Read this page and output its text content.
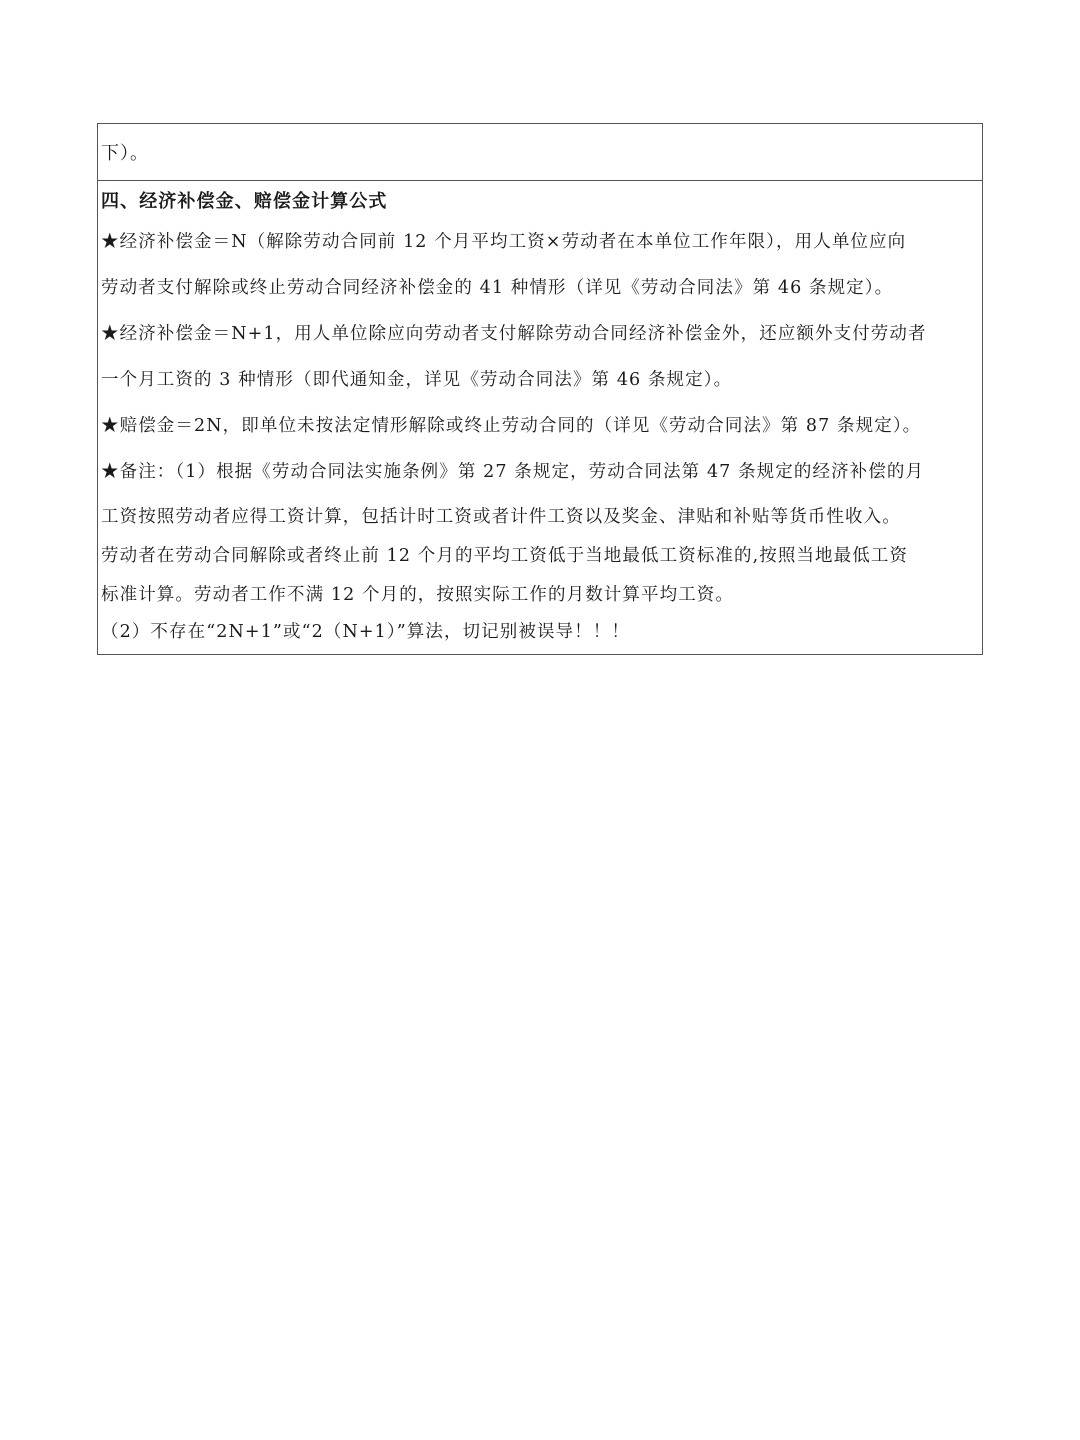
下）。
四、经济补偿金、赔偿金计算公式
★经济补偿金＝N（解除劳动合同前 12 个月平均工资×劳动者在本单位工作年限），用人单位应向
劳动者支付解除或终止劳动合同经济补偿金的 41 种情形（详见《劳动合同法》第 46 条规定）。
★经济补偿金＝N+1，用人单位除应向劳动者支付解除劳动合同经济补偿金外，还应额外支付劳动者
一个月工资的 3 种情形（即代通知金，详见《劳动合同法》第 46 条规定）。
★赔偿金＝2N，即单位未按法定情形解除或终止劳动合同的（详见《劳动合同法》第 87 条规定）。
★备注：（1）根据《劳动合同法实施条例》第 27 条规定，劳动合同法第 47 条规定的经济补偿的月
工资按照劳动者应得工资计算，包括计时工资或者计件工资以及奖金、津贴和补贴等货币性收入。
劳动者在劳动合同解除或者终止前 12 个月的平均工资低于当地最低工资标准的,按照当地最低工资
标准计算。劳动者工作不满 12 个月的，按照实际工作的月数计算平均工资。
（2）不存在“2N+1”或“2（N+1）”算法，切记别被误导！！！
